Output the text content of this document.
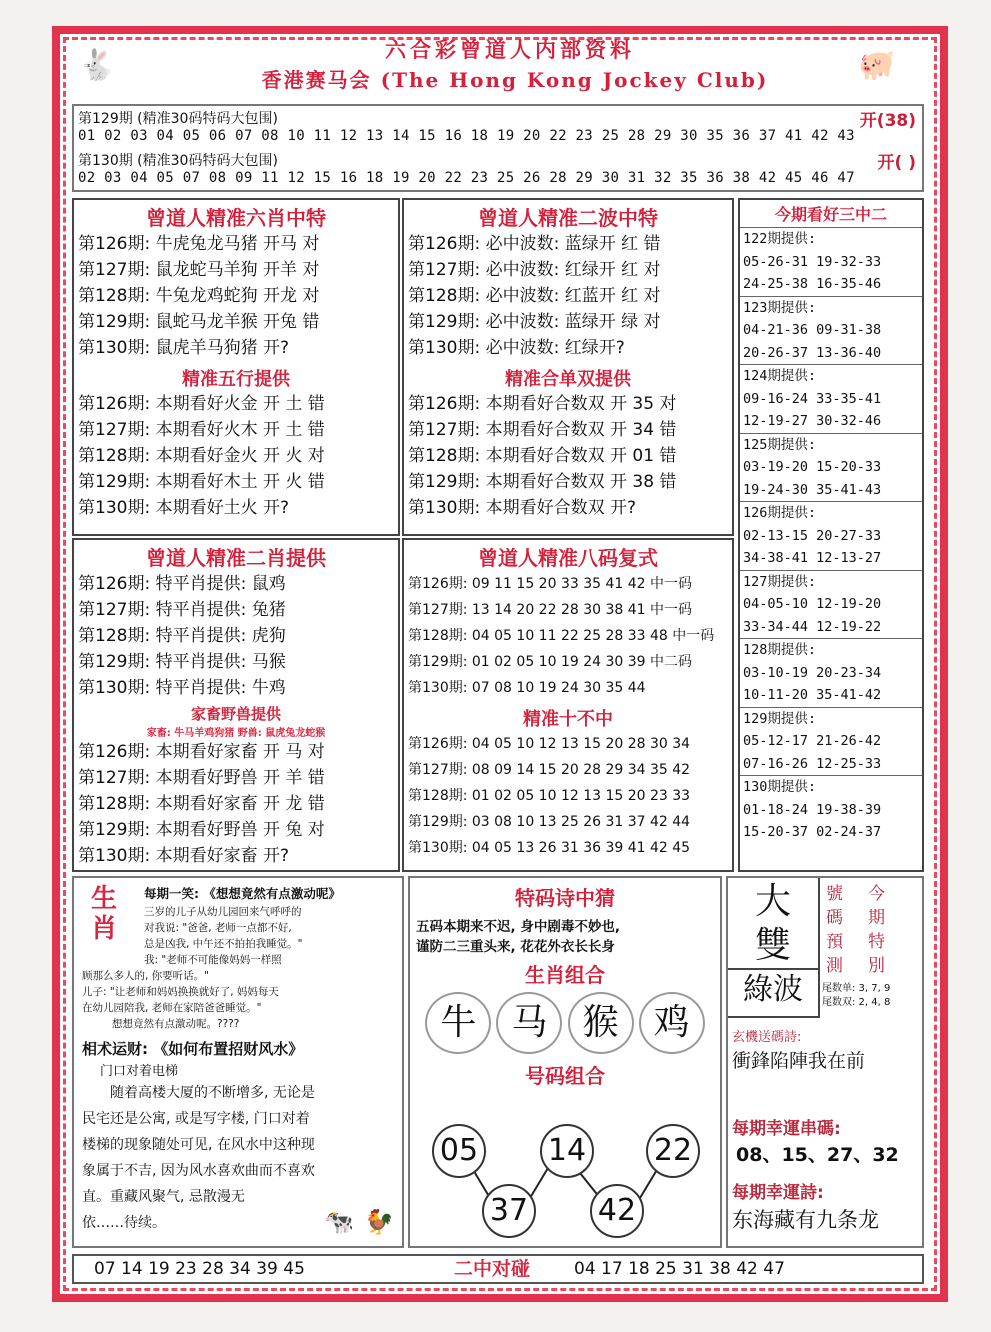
🐇	🐖
六合彩曾道人内部资料
香港赛马会 (The Hong Kong Jockey Club)
第129期 (精准30码特码大包围)	开(38)
01 02 03 04 05 06 07 08 10 11 12 13 14 15 16 18 19 20 22 23 25 28 29 30 35 36 37 41 42 43
第130期 (精准30码特码大包围)	开( )
02 03 04 05 07 08 09 11 12 15 16 18 19 20 22 23 25 26 28 29 30 31 32 35 36 38 42 45 46 47
曾道人精准六肖中特
第126期: 牛虎兔龙马猪 开马 对
第127期: 鼠龙蛇马羊狗 开羊 对
第128期: 牛兔龙鸡蛇狗 开龙 对
第129期: 鼠蛇马龙羊猴 开兔 错
第130期: 鼠虎羊马狗猪 开?
精准五行提供
第126期: 本期看好火金 开 土 错
第127期: 本期看好火木 开 土 错
第128期: 本期看好金火 开 火 对
第129期: 本期看好木土 开 火 错
第130期: 本期看好土火 开?
曾道人精准二波中特
第126期: 必中波数: 蓝绿开 红 错
第127期: 必中波数: 红绿开 红 对
第128期: 必中波数: 红蓝开 红 对
第129期: 必中波数: 蓝绿开 绿 对
第130期: 必中波数: 红绿开?
精准合单双提供
第126期: 本期看好合数双 开 35 对
第127期: 本期看好合数双 开 34 错
第128期: 本期看好合数双 开 01 错
第129期: 本期看好合数双 开 38 错
第130期: 本期看好合数双 开?
曾道人精准二肖提供
第126期: 特平肖提供: 鼠鸡
第127期: 特平肖提供: 兔猪
第128期: 特平肖提供: 虎狗
第129期: 特平肖提供: 马猴
第130期: 特平肖提供: 牛鸡
家畜野兽提供
家畜: 牛马羊鸡狗猪 野兽: 鼠虎兔龙蛇猴
第126期: 本期看好家畜 开 马 对
第127期: 本期看好野兽 开 羊 错
第128期: 本期看好家畜 开 龙 错
第129期: 本期看好野兽 开 兔 对
第130期: 本期看好家畜 开?
曾道人精准八码复式
第126期: 09 11 15 20 33 35 41 42 中一码
第127期: 13 14 20 22 28 30 38 41 中一码
第128期: 04 05 10 11 22 25 28 33 48 中一码
第129期: 01 02 05 10 19 24 30 39 中二码
第130期: 07 08 10 19 24 30 35 44
精准十不中
第126期: 04 05 10 12 13 15 20 28 30 34
第127期: 08 09 14 15 20 28 29 34 35 42
第128期: 01 02 05 10 12 13 15 20 23 33
第129期: 03 08 10 13 25 26 31 37 42 44
第130期: 04 05 13 26 31 36 39 41 42 45
今期看好三中二
122期提供:
05-26-31 19-32-33
24-25-38 16-35-46
123期提供:
04-21-36 09-31-38
20-26-37 13-36-40
124期提供:
09-16-24 33-35-41
12-19-27 30-32-46
125期提供:
03-19-20 15-20-33
19-24-30 35-41-43
126期提供:
02-13-15 20-27-33
34-38-41 12-13-27
127期提供:
04-05-10 12-19-20
33-34-44 12-19-22
128期提供:
03-10-19 20-23-34
10-11-20 35-41-42
129期提供:
05-12-17 21-26-42
07-16-26 12-25-33
130期提供:
01-18-24 19-38-39
15-20-37 02-24-37
生
肖
每期一笑: 《想想竟然有点激动呢》
三岁的儿子从幼儿园回来气呼呼的
对我说: "爸爸, 老师一点都不好,
总是凶我, 中午还不拍拍我睡觉。"
我: "老师不可能像妈妈一样照
顾那么多人的, 你要听话。"
儿子: "让老师和妈妈换换就好了, 妈妈每天
在幼儿园陪我, 老师在家陪爸爸睡觉。"
想想竟然有点激动呢。????
相术运财: 《如何布置招财风水》
门口对着电梯
随着高楼大厦的不断增多, 无论是
民宅还是公寓, 或是写字楼, 门口对着
楼梯的现象随处可见, 在风水中这种现
象属于不吉, 因为风水喜欢曲而不喜欢
直。重藏风聚气, 忌散漫无
依……待续。	🐄 🐓
特码诗中猜
五码本期来不迟, 身中剧毒不妙也,
谨防二三重头来, 花花外衣长长身
生肖组合
牛 马 猴 鸡
号码组合
05 14 22
37 42
大
雙
綠波
號
碼
預
測
今
期
特
別
尾数单: 3, 7, 9
尾数双: 2, 4, 8
玄機送碼詩:
衝鋒陷陣我在前
每期幸運串碼:
08、15、27、32
每期幸運詩:
东海藏有九条龙
07 14 19 23 28 34 39 45	二中对碰	04 17 18 25 31 38 42 47
